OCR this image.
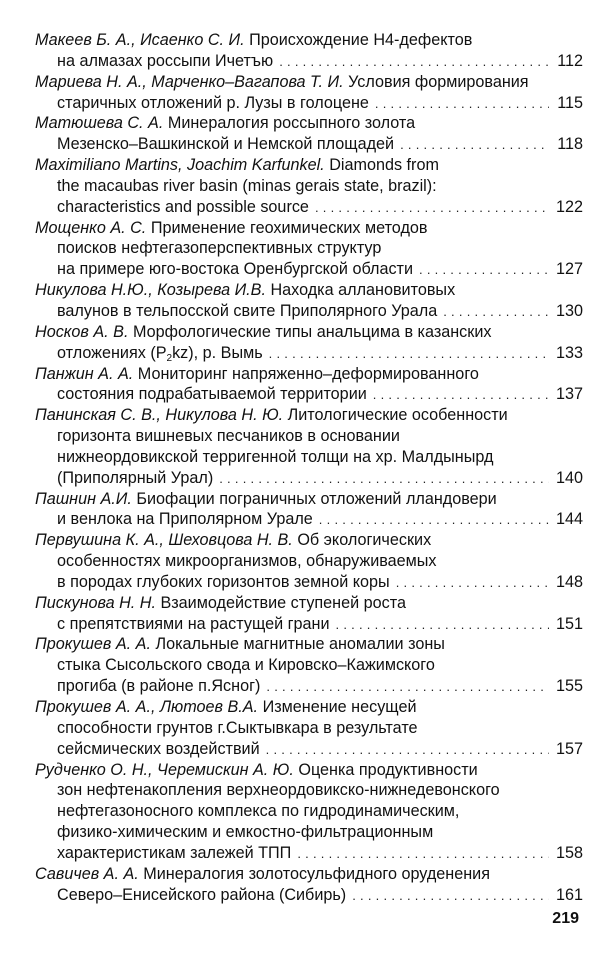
Макеев Б. А., Исаенко С. И. Происхождение Н4-дефектов
на алмазах россыпи Ичетъю . . .	112
Мариева Н. А., Марченко–Вагапова Т. И. Условия формирования
старичных отложений р. Лузы в голоцене . . .	115
Матюшева С. А. Минералогия россыпного золота
Мезенско–Вашкинской и Немской площадей . . .	118
Maximiliano Martins, Joachim Karfunkel. Diamonds from
the macaubas river basin (minas gerais state, brazil):
characteristics and possible source . . .	122
Мощенко А. С. Применение геохимических методов
поисков нефтегазоперспективных структур
на примере юго-востока Оренбургской области . . .	127
Никулова Н.Ю., Козырева И.В. Находка аллановитовых
валунов в тельпосской свите Приполярного Урала . . .	130
Носков А. В. Морфологические типы анальцима в казанских
отложениях $(P_2kz)$, р. Вымь . . .	133
Панжин А. А. Мониторинг напряженно–деформированного
состояния подрабатываемой территории . . .	137
Панинская С. В., Никулова Н. Ю. Литологические особенности
горизонта вишневых песчаников в основании
нижнеордовикской терригенной толщи на хр. Малдынырд
(Приполярный Урал) . . .	140
Пашнин А.И. Биофации пограничных отложений лландовери
и венлока на Приполярном Урале . . .	144
Первушина К. А., Шеховцова Н. В. Об экологических
особенностях микроорганизмов, обнаруживаемых
в породах глубоких горизонтов земной коры . . .	148
Пискунова Н. Н. Взаимодействие ступеней роста
с препятствиями на растущей грани . . .	151
Прокушев А. А. Локальные магнитные аномалии зоны
стыка Сысольского свода и Кировско–Кажимского
прогиба (в районе п.Ясног) . . .	155
Прокушев А. А., Лютоев В.А. Изменение несущей
способности грунтов г.Сыктывкара в результате
сейсмических воздействий . . .	157
Рудченко О. Н., Черемискин А. Ю. Оценка продуктивности
зон нефтенакопления верхнеордовикско-нижнедевонского
нефтегазоносного комплекса по гидродинамическим,
физико-химическим и емкостно-фильтрационным
характеристикам залежей ТПП . . .	158
Савичев А. А. Минералогия золотосульфидного оруденения
Северо–Енисейского района (Сибирь) . . .	161
219
